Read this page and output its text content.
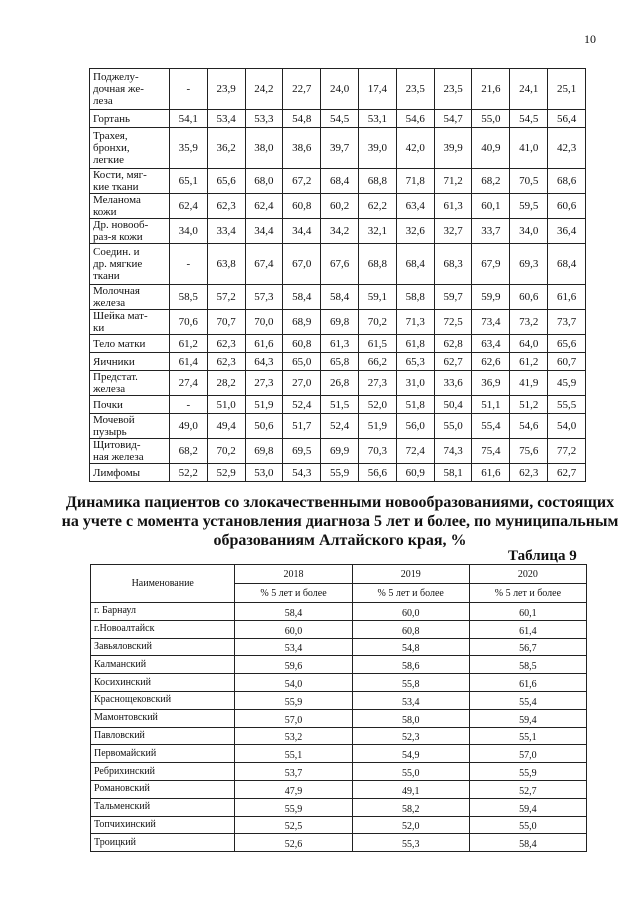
10
Поджелу-
дочная же-
леза	-	23,9	24,2	22,7	24,0	17,4	23,5	23,5	21,6	24,1	25,1
Гортань	54,1	53,4	53,3	54,8	54,5	53,1	54,6	54,7	55,0	54,5	56,4
Трахея,
бронхи,
легкие	35,9	36,2	38,0	38,6	39,7	39,0	42,0	39,9	40,9	41,0	42,3
Кости, мяг-
кие ткани	65,1	65,6	68,0	67,2	68,4	68,8	71,8	71,2	68,2	70,5	68,6
Меланома
кожи	62,4	62,3	62,4	60,8	60,2	62,2	63,4	61,3	60,1	59,5	60,6
Др. новооб-
раз-я кожи	34,0	33,4	34,4	34,4	34,2	32,1	32,6	32,7	33,7	34,0	36,4
Соедин. и
др. мягкие
ткани	-	63,8	67,4	67,0	67,6	68,8	68,4	68,3	67,9	69,3	68,4
Молочная
железа	58,5	57,2	57,3	58,4	58,4	59,1	58,8	59,7	59,9	60,6	61,6
Шейка мат-
ки	70,6	70,7	70,0	68,9	69,8	70,2	71,3	72,5	73,4	73,2	73,7
Тело матки	61,2	62,3	61,6	60,8	61,3	61,5	61,8	62,8	63,4	64,0	65,6
Яичники	61,4	62,3	64,3	65,0	65,8	66,2	65,3	62,7	62,6	61,2	60,7
Предстат.
железа	27,4	28,2	27,3	27,0	26,8	27,3	31,0	33,6	36,9	41,9	45,9
Почки	-	51,0	51,9	52,4	51,5	52,0	51,8	50,4	51,1	51,2	55,5
Мочевой
пузырь	49,0	49,4	50,6	51,7	52,4	51,9	56,0	55,0	55,4	54,6	54,0
Щитовид-
ная железа	68,2	70,2	69,8	69,5	69,9	70,3	72,4	74,3	75,4	75,6	77,2
Лимфомы	52,2	52,9	53,0	54,3	55,9	56,6	60,9	58,1	61,6	62,3	62,7
Динамика пациентов со злокачественными новообразованиями, состоящих
на учете с момента установления диагноза 5 лет и более, по муниципальным
образованиям Алтайского края, %
Таблица 9
Наименование	2018	2019	2020
	% 5 лет и более	% 5 лет и более	% 5 лет и более
г. Барнаул	58,4	60,0	60,1
г.Новоалтайск	60,0	60,8	61,4
Завьяловский	53,4	54,8	56,7
Калманский	59,6	58,6	58,5
Косихинский	54,0	55,8	61,6
Краснощековский	55,9	53,4	55,4
Мамонтовский	57,0	58,0	59,4
Павловский	53,2	52,3	55,1
Первомайский	55,1	54,9	57,0
Ребрихинский	53,7	55,0	55,9
Романовский	47,9	49,1	52,7
Тальменский	55,9	58,2	59,4
Топчихинский	52,5	52,0	55,0
Троицкий	52,6	55,3	58,4
